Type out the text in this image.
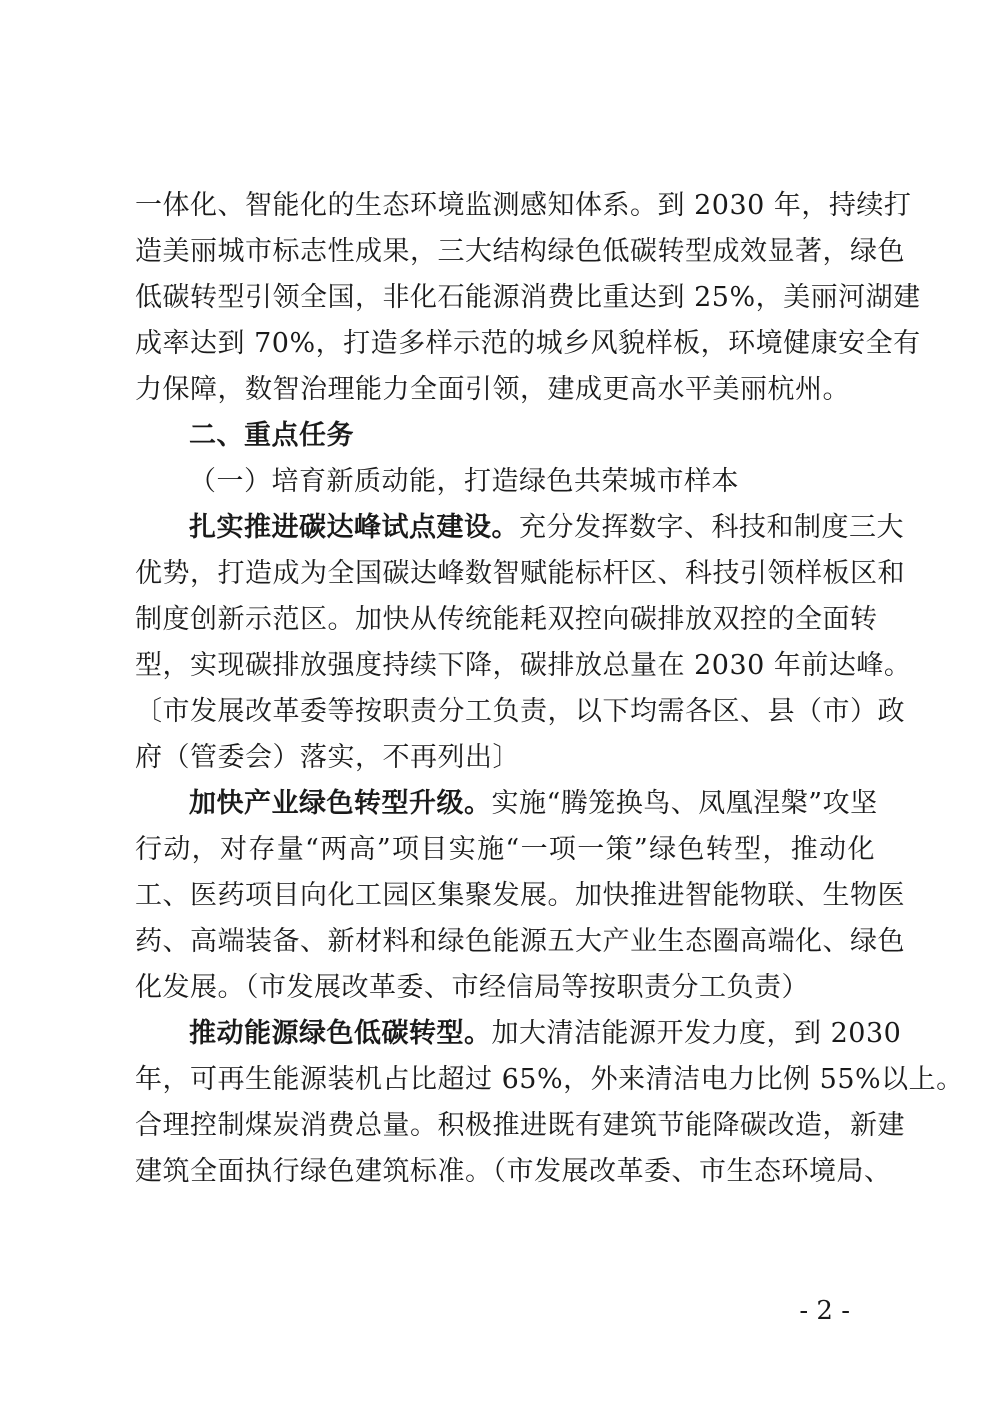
一体化、智能化的生态环境监测感知体系。到 2030 年，持续打
造美丽城市标志性成果，三大结构绿色低碳转型成效显著，绿色
低碳转型引领全国，非化石能源消费比重达到 25%，美丽河湖建
成率达到 70%，打造多样示范的城乡风貌样板，环境健康安全有
力保障，数智治理能力全面引领，建成更高水平美丽杭州。
二、重点任务
（一）培育新质动能，打造绿色共荣城市样本
扎实推进碳达峰试点建设。充分发挥数字、科技和制度三大
优势，打造成为全国碳达峰数智赋能标杆区、科技引领样板区和
制度创新示范区。加快从传统能耗双控向碳排放双控的全面转
型，实现碳排放强度持续下降，碳排放总量在 2030 年前达峰。
〔市发展改革委等按职责分工负责，以下均需各区、县（市）政
府（管委会）落实，不再列出〕
加快产业绿色转型升级。实施“腾笼换鸟、凤凰涅槃”攻坚
行动，对存量“两高”项目实施“一项一策”绿色转型，推动化
工、医药项目向化工园区集聚发展。加快推进智能物联、生物医
药、高端装备、新材料和绿色能源五大产业生态圈高端化、绿色
化发展。（市发展改革委、市经信局等按职责分工负责）
推动能源绿色低碳转型。加大清洁能源开发力度，到 2030
年，可再生能源装机占比超过 65%，外来清洁电力比例 55%以上。
合理控制煤炭消费总量。积极推进既有建筑节能降碳改造，新建
建筑全面执行绿色建筑标准。（市发展改革委、市生态环境局、
- 2 -
